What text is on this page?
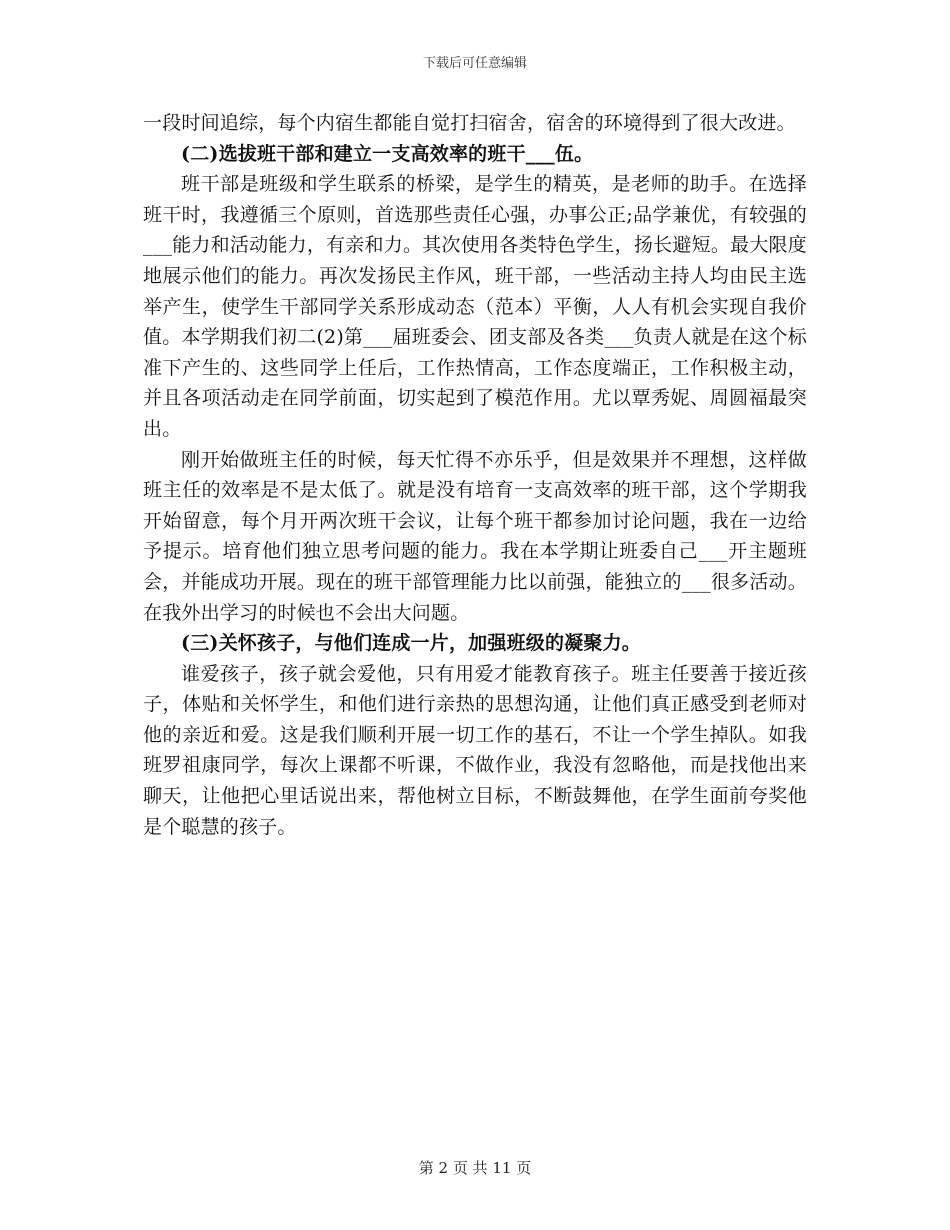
下载后可任意编辑

一段时间追综，每个内宿生都能自觉打扫宿舍，宿舍的环境得到了很大改进。

(二)选拔班干部和建立一支高效率的班干___伍。

班干部是班级和学生联系的桥梁，是学生的精英，是老师的助手。在选择班干时，我遵循三个原则，首选那些责任心强，办事公正;品学兼优，有较强的___能力和活动能力，有亲和力。其次使用各类特色学生，扬长避短。最大限度地展示他们的能力。再次发扬民主作风，班干部，一些活动主持人均由民主选举产生，使学生干部同学关系形成动态（范本）平衡，人人有机会实现自我价值。本学期我们初二(2)第___届班委会、团支部及各类___负责人就是在这个标准下产生的、这些同学上任后，工作热情高，工作态度端正，工作积极主动，并且各项活动走在同学前面，切实起到了模范作用。尤以覃秀妮、周圆福最突出。

刚开始做班主任的时候，每天忙得不亦乐乎，但是效果并不理想，这样做班主任的效率是不是太低了。就是没有培育一支高效率的班干部，这个学期我开始留意，每个月开两次班干会议，让每个班干都参加讨论问题，我在一边给予提示。培育他们独立思考问题的能力。我在本学期让班委自己___开主题班会，并能成功开展。现在的班干部管理能力比以前强，能独立的___很多活动。在我外出学习的时候也不会出大问题。

(三)关怀孩子，与他们连成一片，加强班级的凝聚力。

谁爱孩子，孩子就会爱他，只有用爱才能教育孩子。班主任要善于接近孩子，体贴和关怀学生，和他们进行亲热的思想沟通，让他们真正感受到老师对他的亲近和爱。这是我们顺利开展一切工作的基石，不让一个学生掉队。如我班罗祖康同学，每次上课都不听课，不做作业，我没有忽略他，而是找他出来聊天，让他把心里话说出来，帮他树立目标，不断鼓舞他，在学生面前夸奖他是个聪慧的孩子。

第 2 页 共 11 页
